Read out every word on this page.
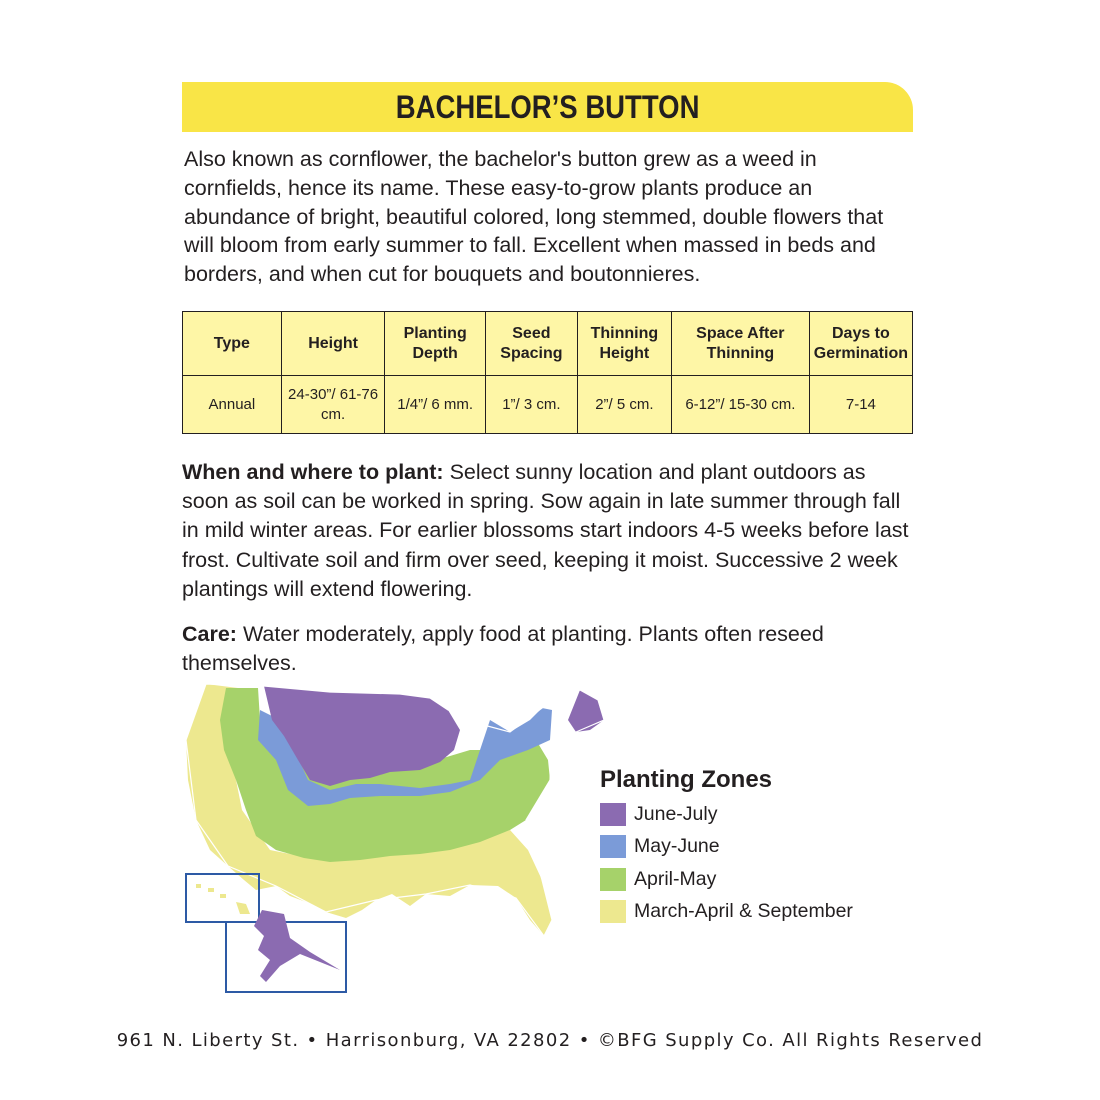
BACHELOR’S BUTTON
Also known as cornflower, the bachelor's button grew as a weed in cornfields, hence its name. These easy-to-grow plants produce an abundance of bright, beautiful colored, long stemmed, double flowers that will bloom from early summer to fall. Excellent when massed in beds and borders, and when cut for bouquets and boutonnieres.
Type	Height	Planting Depth	Seed Spacing	Thinning Height	Space After Thinning	Days to Germination
Annual	24-30”/ 61-76 cm.	1/4”/ 6 mm.	1”/ 3 cm.	2”/ 5 cm.	6-12”/ 15-30 cm.	7-14
When and where to plant: Select sunny location and plant outdoors as soon as soil can be worked in spring. Sow again in late summer through fall in mild winter areas. For earlier blossoms start indoors 4-5 weeks before last frost. Cultivate soil and firm over seed, keeping it moist. Successive 2 week plantings will extend flowering.
Care: Water moderately, apply food at planting. Plants often reseed themselves.
Planting Zones
June-July
May-June
April-May
March-April & September
961 N. Liberty St. • Harrisonburg, VA 22802 • ©BFG Supply Co. All Rights Reserved
